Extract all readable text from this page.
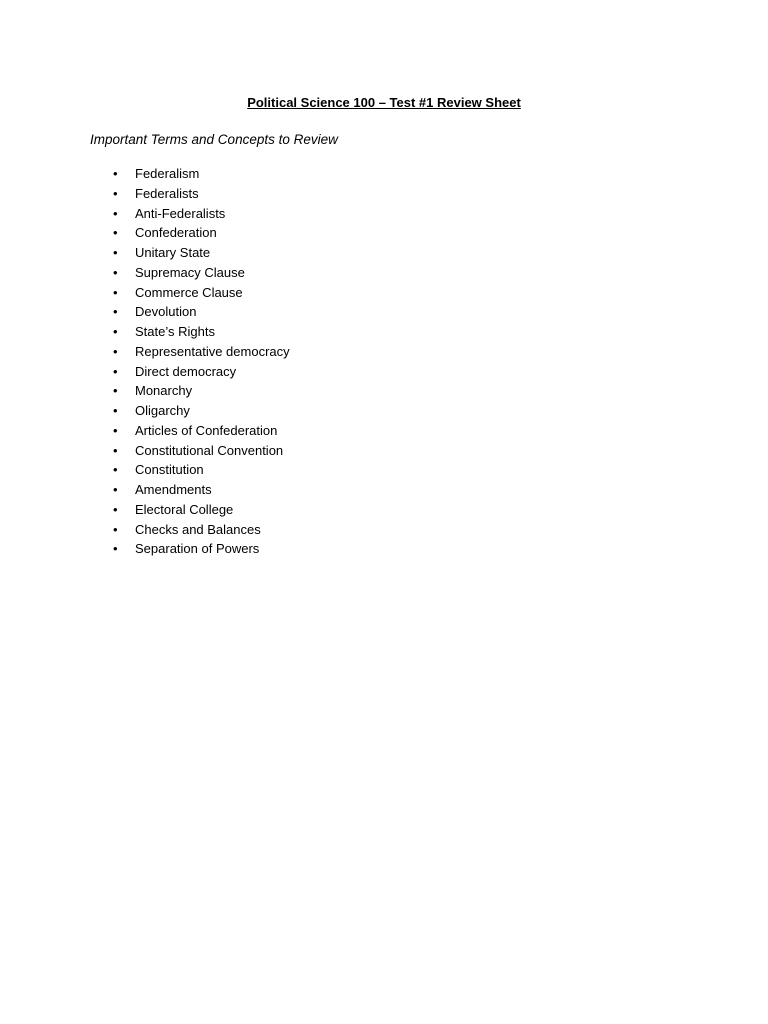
Political Science 100 – Test #1 Review Sheet

Important Terms and Concepts to Review

• Federalism
• Federalists
• Anti-Federalists
• Confederation
• Unitary State
• Supremacy Clause
• Commerce Clause
• Devolution
• State’s Rights
• Representative democracy
• Direct democracy
• Monarchy
• Oligarchy
• Articles of Confederation
• Constitutional Convention
• Constitution
• Amendments
• Electoral College
• Checks and Balances
• Separation of Powers
